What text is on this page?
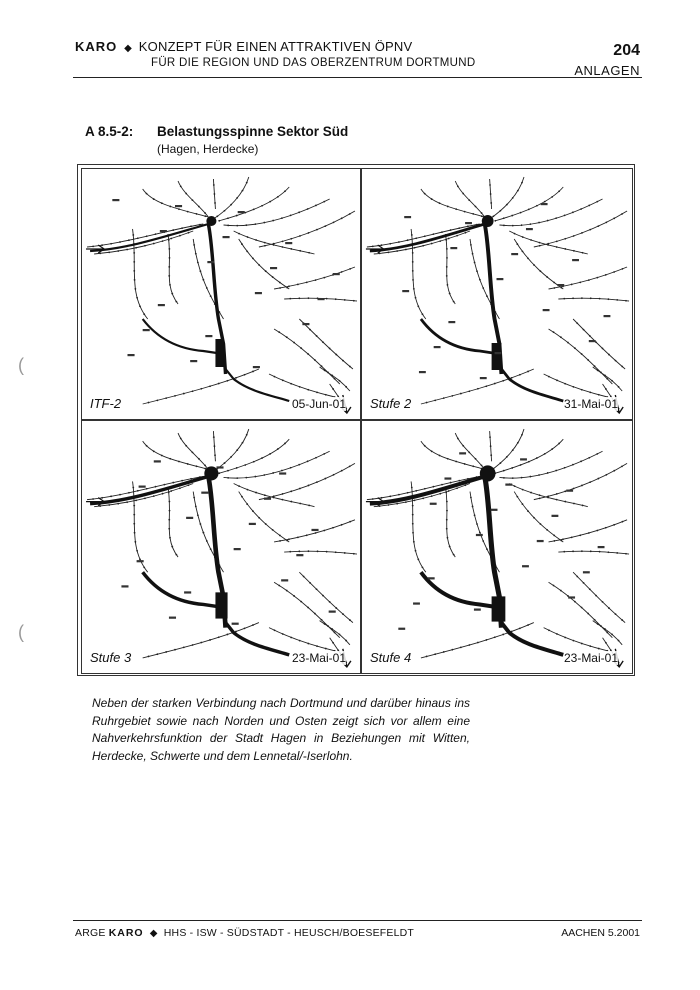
KARO ◆ KONZEPT FÜR EINEN ATTRAKTIVEN ÖPNV
FÜR DIE REGION UND DAS OBERZENTRUM DORTMUND
204
ANLAGEN
A 8.5-2: Belastungsspinne Sektor Süd
(Hagen, Herdecke)
ITF-2	05-Jun-01 Stufe 2	31-Mai-01
Stufe 3	23-Mai-01 Stufe 4	23-Mai-01
Neben der starken Verbindung nach Dortmund und darüber hinaus ins Ruhrgebiet sowie nach Norden und Osten zeigt sich vor allem eine Nahverkehrsfunktion der Stadt Hagen in Beziehungen mit Witten, Herdecke, Schwerte und dem Lennetal/-Iserlohn.
ARGE KARO ◆ HHS - ISW - SÜDSTADT - HEUSCH/BOESEFELDT	AACHEN 5.2001
(
(
